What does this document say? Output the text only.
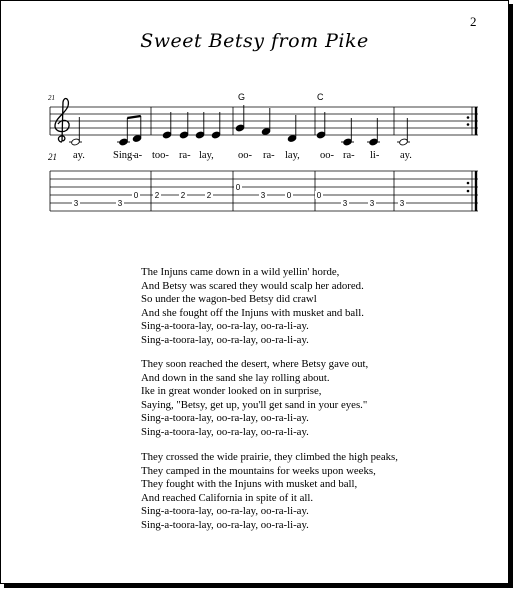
2
Sweet Betsy from Pike
21	G	C
21 ay.	Sing-
a- too- ra- lay, oo- ra- lay, oo- ra- li- ay.
3	3
0 2	2	2
0
3	0	0
3	3	3
The Injuns came down in a wild yellin' horde,
And Betsy was scared they would scalp her adored.
So under the wagon-bed Betsy did crawl
And she fought off the Injuns with musket and ball.
Sing-a-toora-lay, oo-ra-lay, oo-ra-li-ay.
Sing-a-toora-lay, oo-ra-lay, oo-ra-li-ay.
They soon reached the desert, where Betsy gave out,
And down in the sand she lay rolling about.
Ike in great wonder looked on in surprise,
Saying, "Betsy, get up, you'll get sand in your eyes."
Sing-a-toora-lay, oo-ra-lay, oo-ra-li-ay.
Sing-a-toora-lay, oo-ra-lay, oo-ra-li-ay.
They crossed the wide prairie, they climbed the high peaks,
They camped in the mountains for weeks upon weeks,
They fought with the Injuns with musket and ball,
And reached California in spite of it all.
Sing-a-toora-lay, oo-ra-lay, oo-ra-li-ay.
Sing-a-toora-lay, oo-ra-lay, oo-ra-li-ay.
